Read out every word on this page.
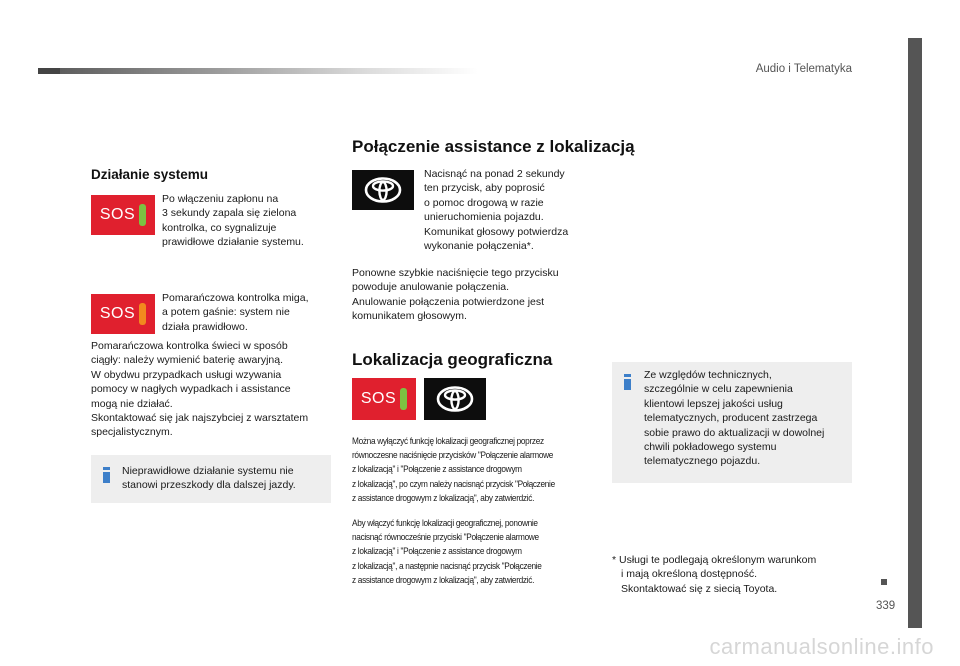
Audio i Telematyka
339
Działanie systemu
SOS

Po włączeniu zapłonu na

3 sekundy zapala się zielona

kontrolka, co sygnalizuje

prawidłowe działanie systemu.

SOS

Pomarańczowa kontrolka miga,

a potem gaśnie: system nie

działa prawidłowo.

Pomarańczowa kontrolka świeci w sposób

ciągły: należy wymienić baterię awaryjną.

W obydwu przypadkach usługi wzywania

pomocy w nagłych wypadkach i assistance

mogą nie działać.

Skontaktować się jak najszybciej z warsztatem

specjalistycznym.

Nieprawidłowe działanie systemu nie

stanowi przeszkody dla dalszej jazdy.

Połączenie assistance z lokalizacją

Nacisnąć na ponad 2 sekundy

ten przycisk, aby poprosić

o pomoc drogową w razie

unieruchomienia pojazdu.

Komunikat głosowy potwierdza

wykonanie połączenia*.

Ponowne szybkie naciśnięcie tego przycisku

powoduje anulowanie połączenia.

Anulowanie połączenia potwierdzone jest

komunikatem głosowym.

Lokalizacja geograficzna
SOS

Można wyłączyć funkcję lokalizacji geograficznej poprzez

równoczesne naciśnięcie przycisków "Połączenie alarmowe

z lokalizacją" i "Połączenie z assistance drogowym

z lokalizacją", po czym należy nacisnąć przycisk "Połączenie

z assistance drogowym z lokalizacją", aby zatwierdzić.

Aby włączyć funkcję lokalizacji geograficznej, ponownie

nacisnąć równocześnie przyciski "Połączenie alarmowe

z lokalizacją" i "Połączenie z assistance drogowym

z lokalizacją", a następnie nacisnąć przycisk "Połączenie

z assistance drogowym z lokalizacją", aby zatwierdzić.

Ze względów technicznych,

szczególnie w celu zapewnienia

klientowi lepszej jakości usług

telematycznych, producent zastrzega

sobie prawo do aktualizacji w dowolnej

chwili pokładowego systemu

telematycznego pojazdu.

* Usługi te podlegają określonym warunkom

i mają określoną dostępność.

Skontaktować się z siecią Toyota.

carmanualsonline.info
